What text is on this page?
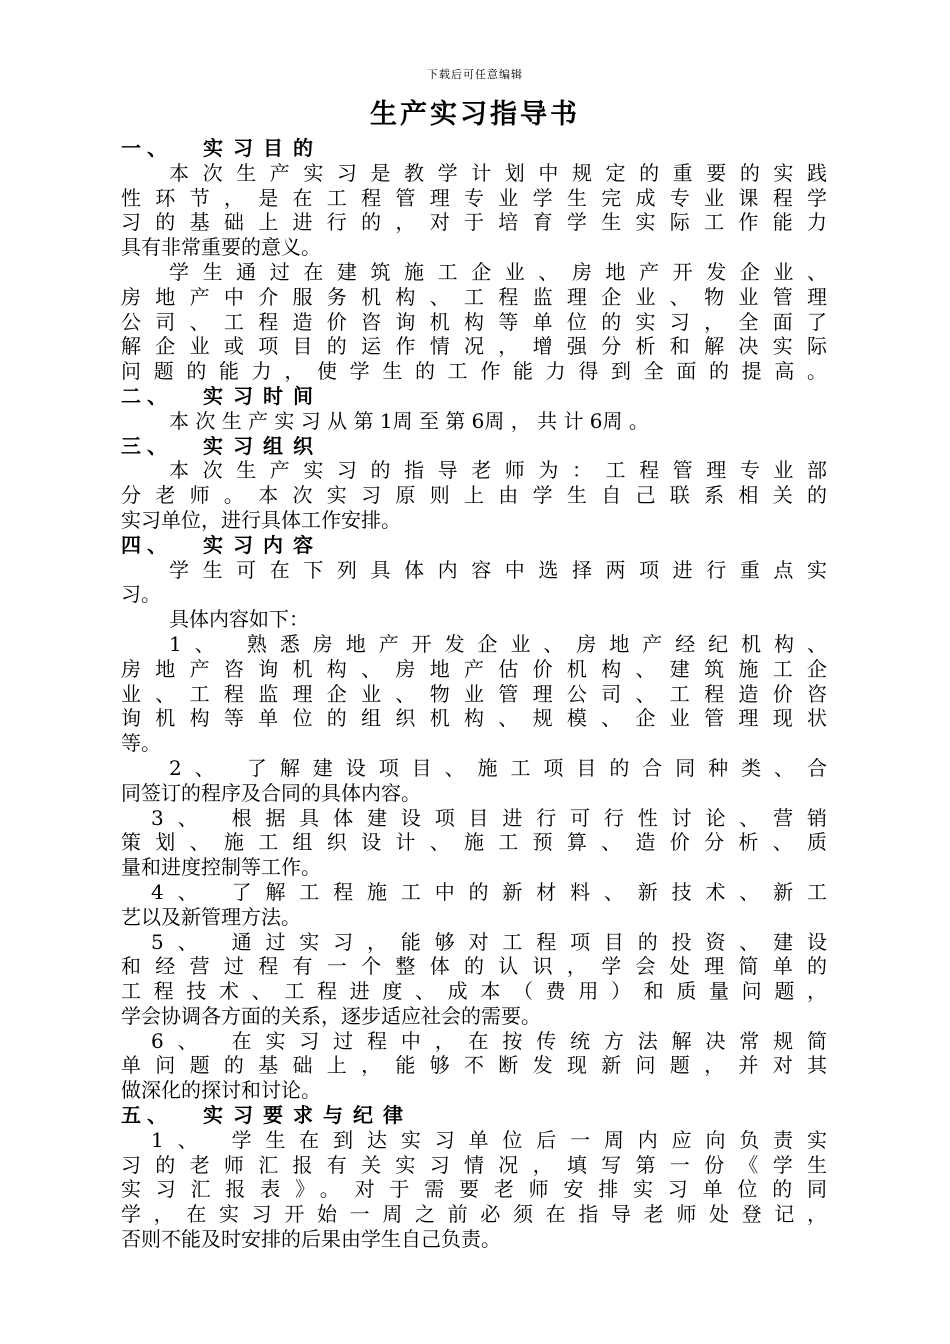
下载后可任意编辑
生产实习指导书
一、 实习目的
本次生产实习是教学计划中规定的重要的实践
性环节，是在工程管理专业学生完成专业课程学
习的基础上进行的，对于培育学生实际工作能力
具有非常重要的意义。
学生通过在建筑施工企业、房地产开发企业、
房地产中介服务机构、工程监理企业、物业管理
公司、工程造价咨询机构等单位的实习，全面了
解企业或项目的运作情况，增强分析和解决实际
问题的能力，使学生的工作能力得到全面的提高。
二、 实习时间
本 次 生 产 实 习 从 第 1周 至 第 6周 ， 共 计 6周 。
三、 实习组织
本次生产实习的指导老师为：工程管理专业部
分老师。本次实习原则上由学生自己联系相关的
实习单位，进行具体工作安排。
四、 实习内容
学生可在下列具体内容中选择两项进行重点实
习。
具体内容如下：
1、 熟悉房地产开发企业、房地产经纪机构、
房地产咨询机构、房地产估价机构、建筑施工企
业、工程监理企业、物业管理公司、工程造价咨
询机构等单位的组织机构、规模、企业管理现状
等。
2、 了解建设项目、施工项目的合同种类、合
同签订的程序及合同的具体内容。
3、 根据具体建设项目进行可行性讨论、营销
策划、施工组织设计、施工预算、造价分析、质
量和进度控制等工作。
4、 了解工程施工中的新材料、新技术、新工
艺以及新管理方法。
5、 通过实习，能够对工程项目的投资、建设
和经营过程有一个整体的认识，学会处理简单的
工程技术、工程进度、成本（费用）和质量问题，
学会协调各方面的关系，逐步适应社会的需要。
6、 在实习过程中，在按传统方法解决常规简
单问题的基础上，能够不断发现新问题，并对其
做深化的探讨和讨论。
五、 实习要求与纪律
1、 学生在到达实习单位后一周内应向负责实
习的老师汇报有关实习情况，填写第一份《学生
实习汇报表》。对于需要老师安排实习单位的同
学，在实习开始一周之前必须在指导老师处登记，
否则不能及时安排的后果由学生自己负责。
